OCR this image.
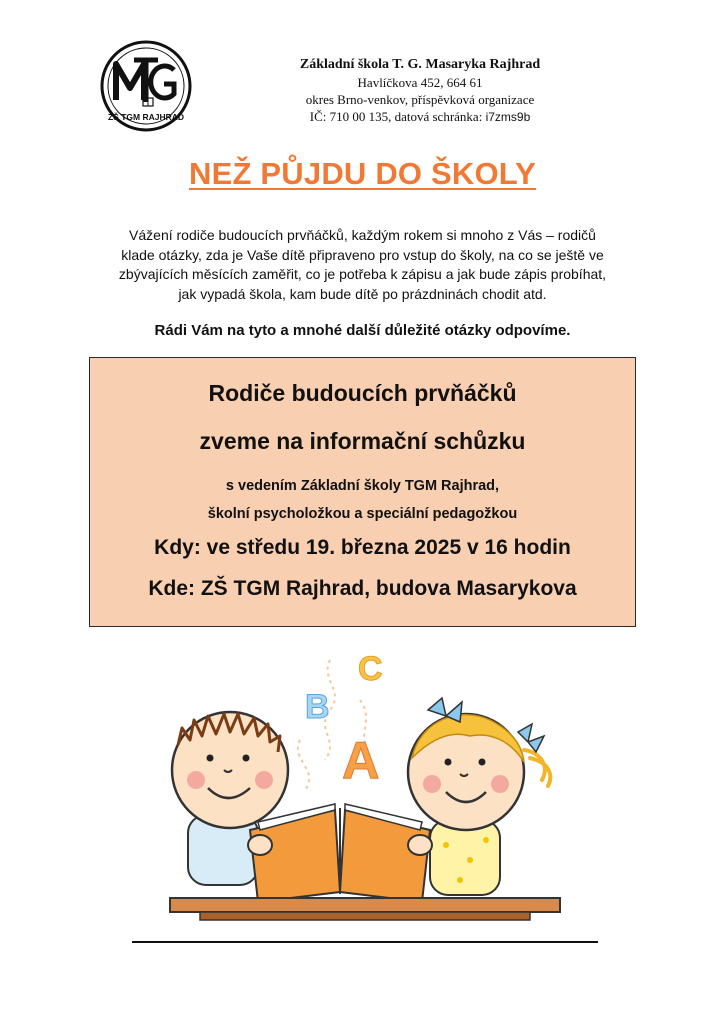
ZŠ TGM RAJHRAD
Základní škola T. G. Masaryka Rajhrad
Havlíčkova 452, 664 61
okres Brno-venkov, příspěvková organizace
IČ: 710 00 135, datová schránka: i7zms9b
NEŽ PŮJDU DO ŠKOLY
Vážení rodiče budoucích prvňáčků, každým rokem si mnoho z Vás – rodičů
klade otázky, zda je Vaše dítě připraveno pro vstup do školy, na co se ještě ve
zbývajících měsících zaměřit, co je potřeba k zápisu a jak bude zápis probíhat,
jak vypadá škola, kam bude dítě po prázdninách chodit atd.
Rádi Vám na tyto a mnohé další důležité otázky odpovíme.
Rodiče budoucích prvňáčků
zveme na informační schůzku
s vedením Základní školy TGM Rajhrad,
školní psycholožkou a speciální pedagožkou
Kdy: ve středu 19. března 2025 v 16 hodin
Kde: ZŠ TGM Rajhrad, budova Masarykova
C
B
A
